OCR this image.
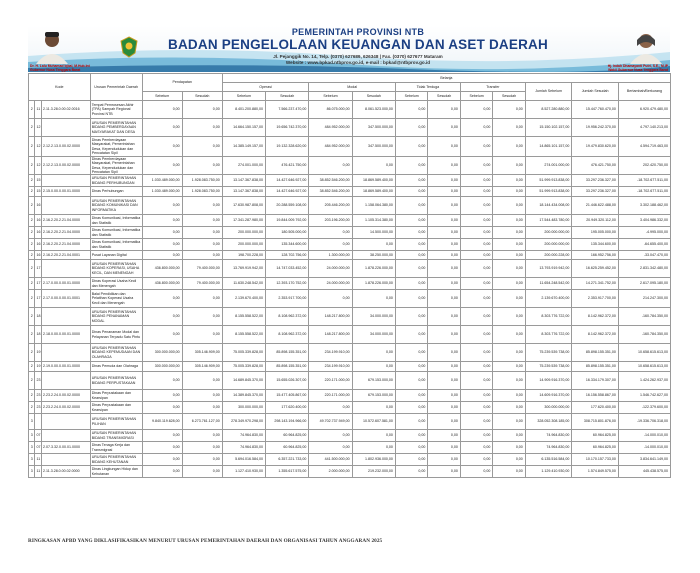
Dr. H. Lalu Muhamad Iqbal, M.Hub.Int
Gubernur Nusa Tenggara Barat
PEMERINTAH PROVINSI NTB
BADAN PENGELOLAAN KEUANGAN DAN ASET DAERAH
Jl. Pejanggik No. 14, Telp. (0370) 627689, 626348 | Fax. (0370) 627677 Mataram
Website : www.bpkad.ntbprov.go.id, e-mail : bpkad@ntbprov.go.id
Hj. Indah Dhamayanti Putri, S.E., M.IP
Wakil Gubernur Nusa Tenggara Barat
Kode			Urusan Pemerintah Daerah	Pendapatan		Belanja										
						Operasi		Modal		Tidak Terduga		Transfer		Jumlah Sebelum	Jumlah Sesudah	Bertambah/Berkurang
				Sebelum	Sesudah	Sebelum	Sesudah	Sebelum	Sesudah	Sebelum	Sesudah	Sebelum	Sesudah			
2	11	2.11.3.28.0.00.02.0016	Tempat Pemrosesan Akhir (TPA) Sampah Regional Provinsi NTB	0,00	0,00	8.401.200.880,00	7.566.237.470,00	86.075.000,00	8.061.523.000,00	0,00	0,00	0,00	0,00	8.527.280.880,00	15.447.760.470,00	6.920.479.480,00
2	12		URUSAN PEMERINTAHAN BIDANG PEMBERDAYAAN MASYARAKAT DAN DESA	0,00	0,00	14.664.150.157,00	19.656.742.370,00	484.952.000,00	347.500.000,00	0,00	0,00	0,00	0,00	15.150.102.157,00	19.956.242.370,00	4.797.140.213,00
2	12	2.12.2.13.0.00.02.0000	Dinas Pemberdayaan Masyarakat, Pemerintahan Desa, Kependudukan dan Pencatatan Sipil	0,00	0,00	14.385.149.157,00	19.132.328.620,00	484.952.000,00	347.500.000,00	0,00	0,00	0,00	0,00	14.865.101.157,00	19.479.830.620,00	4.594.719.463,00
2	12	2.12.2.13.0.00.02.0000	Dinas Pemberdayaan Masyarakat, Pemerintahan Desa, Kependudukan dan Pencatatan Sipil	0,00	0,00	274.001.000,00	476.421.750,00	0,00	0,00	0,00	0,00	0,00	0,00	274.001.000,00	476.421.750,00	202.420.750,00
2	15		URUSAN PEMERINTAHAN BIDANG PERHUBUNGAN	1.030.489.000,00	1.928.083.750,00	13.147.367.838,00	14.427.646.927,00	38.852.546.200,00	18.869.589.400,00	0,00	0,00	0,00	0,00	51.999.913.838,00	33.297.236.327,00	-18.702.677.511,00
2	15	2.15.0.00.0.00.01.0000	Dinas Perhubungan	1.030.489.000,00	1.928.083.750,00	13.147.367.838,00	14.427.646.927,00	38.852.546.200,00	18.869.589.400,00	0,00	0,00	0,00	0,00	51.999.913.838,00	33.297.236.327,00	-18.702.677.511,00
2	16		URUSAN PEMERINTAHAN BIDANG KOMUNIKASI DAN INFORMATIKA	0,00	0,00	17.630.987.808,00	20.288.559.108,00	205.446.200,00	1.158.064.380,00	0,00	0,00	0,00	0,00	18.144.434.008,00	21.446.622.488,00	3.302.188.462,00
2	16	2.16.2.20.2.21.04.0000	Dinas Komunikasi, Informatika dan Statistik	0,00	0,00	17.341.287.980,00	19.844.009.792,00	203.196.200,00	1.105.314.380,00	0,00	0,00	0,00	0,00	17.544.483.780,00	20.949.320.112,00	3.404.986.332,00
2	16	2.16.2.20.2.21.04.0000	Dinas Komunikasi, Informatika dan Statistik	0,00	0,00	200.000.000,00	180.505.000,00	0,00	14.500.000,00	0,00	0,00	0,00	0,00	200.000.000,00	195.005.000,00	-4.995.000,00
2	16	2.16.2.20.2.21.04.0000	Dinas Komunikasi, Informatika dan Statistik	0,00	0,00	200.000.000,00	135.344.600,00	0,00	0,00	0,00	0,00	0,00	0,00	200.000.000,00	135.344.600,00	-64.655.400,00
2	16	2.16.2.20.2.21.04.0001	Pusat Layanan Digital	0,00	0,00	198.700.228,00	128.702.756,00	1.300.000,00	38.250.000,00	0,00	0,00	0,00	0,00	200.000.228,00	166.952.756,00	-33.047.470,00
2	17		URUSAN PEMERINTAHAN BIDANG KOPERASI, USAHA KECIL, DAN MENENGAH	436.800.000,00	79.400.000,00	13.769.919.942,00	14.747.033.452,00	24.000.000,00	1.878.226.000,00	0,00	0,00	0,00	0,00	13.793.919.942,00	16.625.259.452,00	2.831.342.480,00
2	17	2.17.0.00.0.00.01.0000	Dinas Koperasi Usaha Kecil dan Menengah	436.800.000,00	79.400.000,00	11.630.248.542,00	12.393.170.752,00	24.000.000,00	1.878.226.000,00	0,00	0,00	0,00	0,00	11.654.248.542,00	14.271.341.752,00	2.617.095.180,00
2	17	2.17.0.00.0.00.01.0001	Balai Pendidikan dan Pelatihan Koperasi Usaha Kecil dan Menengah	0,00	0,00	2.139.670.400,00	2.353.917.700,00	0,00	0,00	0,00	0,00	0,00	0,00	2.139.670.400,00	2.353.917.700,00	214.247.300,00
2	18		URUSAN PEMERINTAHAN BIDANG PENANAMAN MODAL	0,00	0,00	8.155.558.522,00	8.108.962.372,00	148.217.800,00	34.000.000,00	0,00	0,00	0,00	0,00	8.303.776.722,00	8.142.962.372,00	-160.784.350,00
2	18	2.18.0.00.0.00.01.0000	Dinas Penanaman Modal dan Pelayanan Terpadu Satu Pintu	0,00	0,00	8.155.558.522,00	8.108.962.372,00	148.217.800,00	34.000.000,00	0,00	0,00	0,00	0,00	8.303.776.722,00	8.142.962.372,00	-160.784.350,00
2	19		URUSAN PEMERINTAHAN BIDANG KEPEMUDAAN DAN OLAHRAGA	300.000.000,00	305.146.909,00	75.005.339.828,00	85.898.155.351,00	234.199.910,00	0,00	0,00	0,00	0,00	0,00	75.239.539.738,00	85.898.155.351,00	10.658.615.613,00
2	19	2.19.0.00.0.00.01.0000	Dinas Pemuda dan Olahraga	300.000.000,00	305.146.909,00	75.005.339.828,00	85.898.155.351,00	234.199.910,00	0,00	0,00	0,00	0,00	0,00	75.239.539.738,00	85.898.155.351,00	10.658.615.613,00
2	23		URUSAN PEMERINTAHAN BIDANG PERPUSTAKAAN	0,00	0,00	14.689.845.370,00	15.655.026.307,00	220.171.000,00	679.153.000,00	0,00	0,00	0,00	0,00	14.909.916.370,00	16.334.179.307,00	1.424.262.937,00
2	23	2.23.2.24.0.00.02.0000	Dinas Perpustakaan dan Kearsipan	0,00	0,00	14.389.845.370,00	15.477.405.867,00	220.171.000,00	679.153.000,00	0,00	0,00	0,00	0,00	14.609.916.370,00	16.156.558.867,00	1.546.742.627,00
2	23	2.23.2.24.0.00.02.0000	Dinas Perpustakaan dan Kearsipan	0,00	0,00	300.000.000,00	177.620.400,00	0,00	0,00	0,00	0,00	0,00	0,00	300.000.000,00	177.620.400,00	-122.379.600,00
3			URUSAN PEMERINTAHAN PILIHAN	9.840.119.628,00	6.273.761.127,00	278.349.970.298,00	298.143.194.966,00	49.702.737.949,00	10.572.607.581,00	0,00	0,00	0,00	0,00	328.052.308.185,00	308.715.801.876,00	-19.336.706.318,00
3	07		URUSAN PEMERINTAHAN BIDANG TRANSMIGRASI	0,00	0,00	74.964.830,00	60.964.825,00	0,00	0,00	0,00	0,00	0,00	0,00	74.964.830,00	60.964.825,00	-14.000.010,00
3	07	2.07.3.32.0.00.01.0000	Dinas Tenaga Kerja dan Transmigrasi	0,00	0,00	74.964.830,00	60.964.825,00	0,00	0,00	0,00	0,00	0,00	0,00	74.964.830,00	60.964.825,00	-14.000.010,00
3	11		URUSAN PEMERINTAHAN BIDANG KEHUTANAN	0,00	0,00	5.694.016.584,00	6.357.221.733,00	441.500.000,00	1.802.936.000,00	0,00	0,00	0,00	0,00	6.135.516.584,00	10.170.157.733,00	3.834.641.149,00
3	11	2.11.3.28.0.00.02.0000	Dinas Lingkungan Hidup dan Kehutanan	0,00	0,00	1.127.410.930,00	1.355.617.575,00	2.000.000,00	219.232.000,00	0,00	0,00	0,00	0,00	1.129.410.930,00	1.574.849.575,00	445.438.575,00
RINGKASAN APBD YANG DIKLASIFIKASIKAN MENURUT URUSAN PEMERINTAHAN DAERAH DAN ORGANISASI TAHUN ANGGARAN 2025
